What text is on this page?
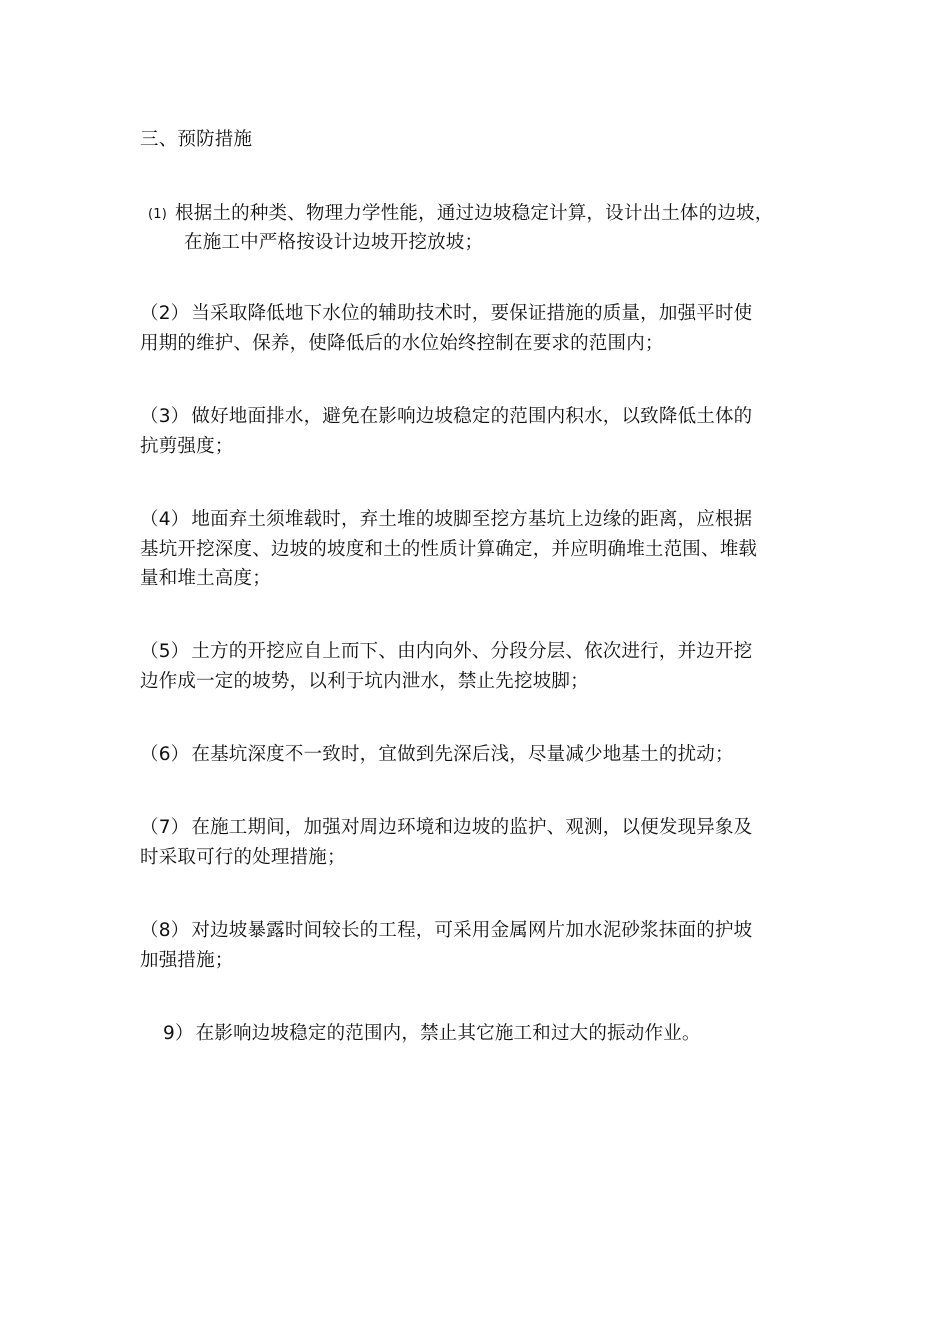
三、预防措施
(1) 根据土的种类、物理力学性能，通过边坡稳定计算，设计出土体的边坡，
在施工中严格按设计边坡开挖放坡；
（2） 当采取降低地下水位的辅助技术时，要保证措施的质量，加强平时使
用期的维护、保养，使降低后的水位始终控制在要求的范围内；
（3） 做好地面排水，避免在影响边坡稳定的范围内积水，以致降低土体的
抗剪强度；
（4） 地面弃土须堆载时，弃土堆的坡脚至挖方基坑上边缘的距离，应根据
基坑开挖深度、边坡的坡度和土的性质计算确定，并应明确堆土范围、堆载
量和堆土高度；
（5） 土方的开挖应自上而下、由内向外、分段分层、依次进行，并边开挖
边作成一定的坡势，以利于坑内泄水，禁止先挖坡脚；
（6） 在基坑深度不一致时，宜做到先深后浅，尽量减少地基土的扰动；
（7） 在施工期间，加强对周边环境和边坡的监护、观测，以便发现异象及
时采取可行的处理措施；
（8） 对边坡暴露时间较长的工程，可采用金属网片加水泥砂浆抹面的护坡
加强措施；
9） 在影响边坡稳定的范围内，禁止其它施工和过大的振动作业。
